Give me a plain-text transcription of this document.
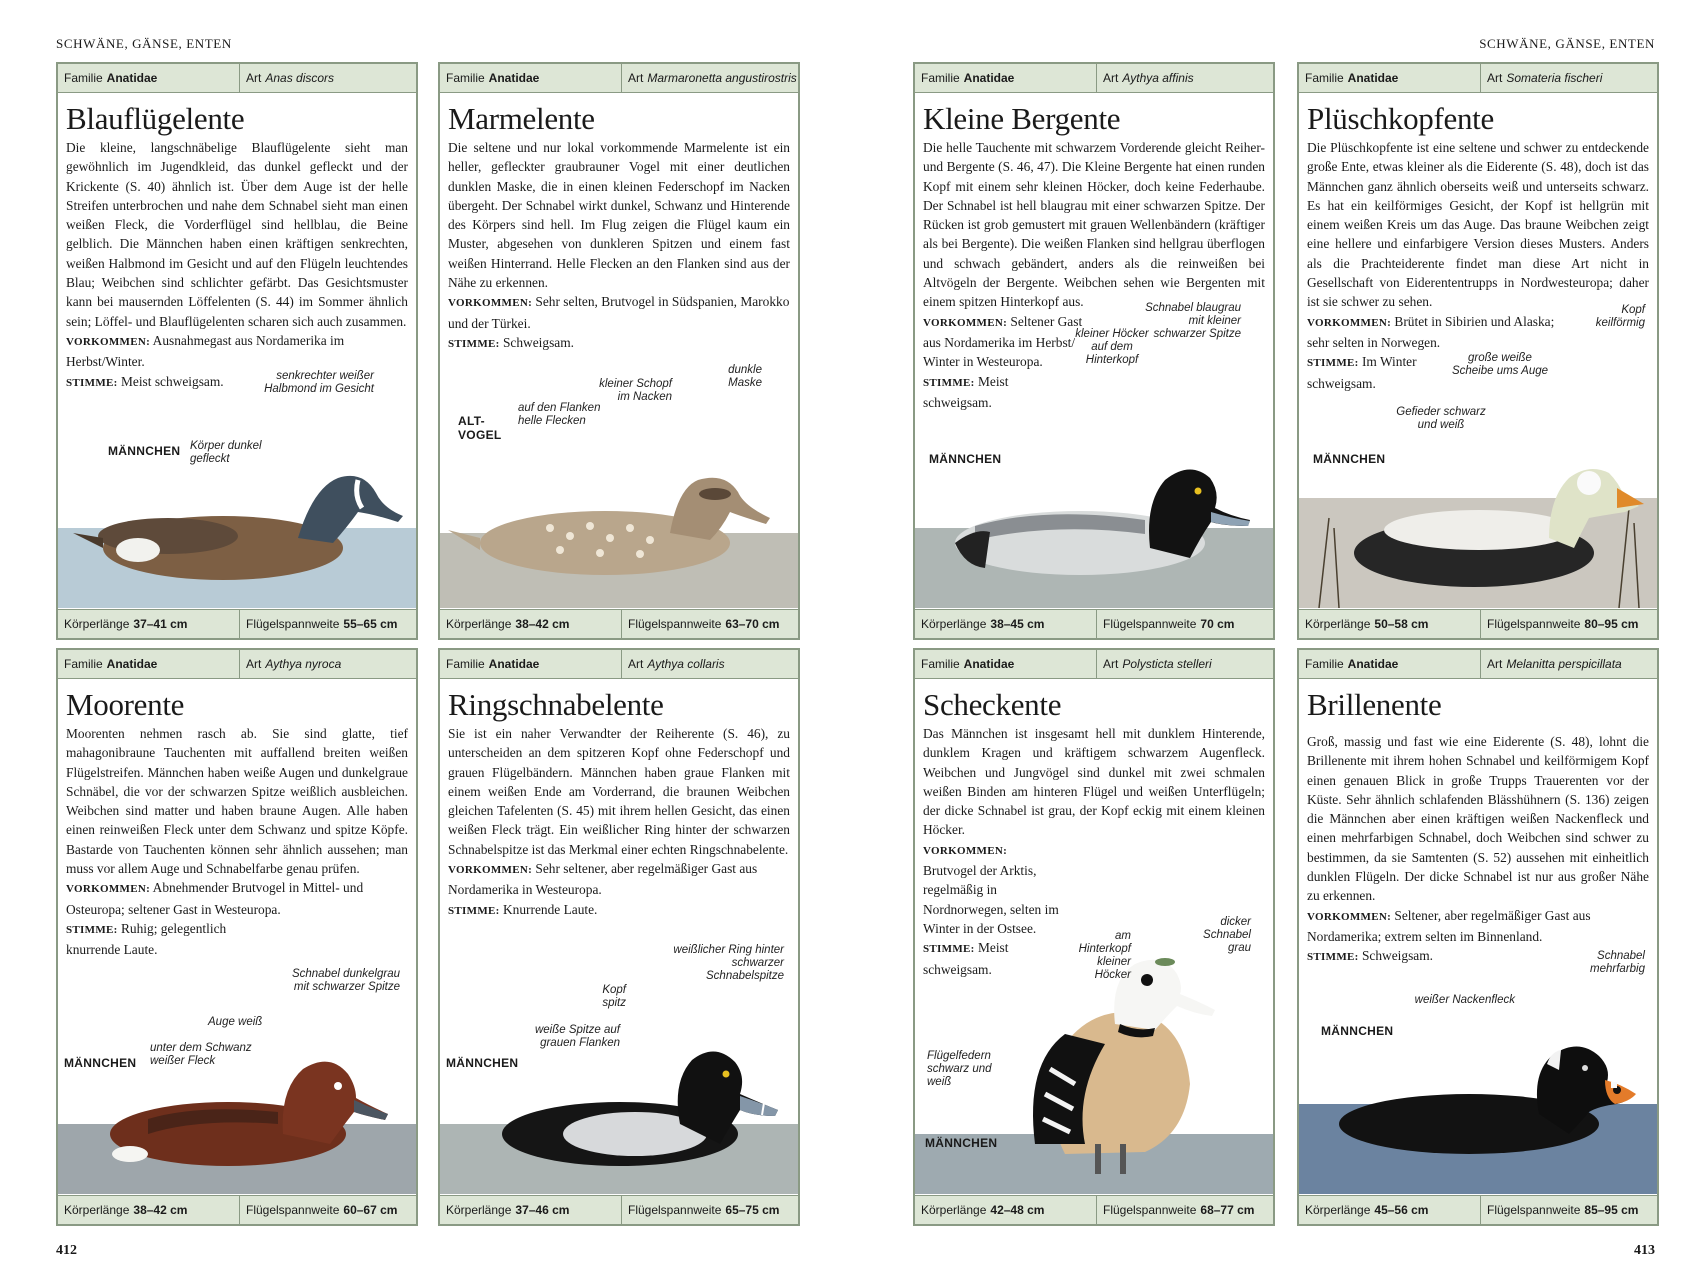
SCHWÄNE, GÄNSE, ENTEN	SCHWÄNE, GÄNSE, ENTEN
412	413
Familie Anatidae	Art Anas discors
Blauflügelente

Die kleine, langschnäbelige Blauflügelente sieht man gewöhnlich im Jugendkleid, das dunkel gefleckt und der Krickente (S. 40) ähnlich ist. Über dem Auge ist der helle Streifen unterbrochen und nahe dem Schnabel sieht man einen weißen Fleck, die Vorderflügel sind hellblau, die Beine gelblich. Die Männchen haben einen kräftigen senkrechten, weißen Halbmond im Gesicht und auf den Flügeln leuchtendes Blau; Weibchen sind schlichter gefärbt. Das Gesichtsmuster kann bei mausernden Löffelenten (S. 44) im Sommer ähnlich sein; Löffel- und Blauflügelenten scharen sich auch zusammen.

VORKOMMEN: Ausnahmegast aus Nordamerika im Herbst/Winter.

STIMME: Meist schweigsam.

MÄNNCHEN
senkrechter weißer Halbmond im Gesicht
Körper dunkel gefleckt
Körperlänge 37–41 cm	Flügelspannweite 55–65 cm
Familie Anatidae	Art Marmaronetta angustirostris
Marmelente

Die seltene und nur lokal vorkommende Marmelente ist ein heller, gefleckter graubrauner Vogel mit einer deutlichen dunklen Maske, die in einen kleinen Federschopf im Nacken übergeht. Der Schnabel wirkt dunkel, Schwanz und Hinterende des Körpers sind hell. Im Flug zeigen die Flügel kaum ein Muster, abgesehen von dunkleren Spitzen und einem fast weißen Hinterrand. Helle Flecken an den Flanken sind aus der Nähe zu erkennen.

VORKOMMEN: Sehr selten, Brutvogel in Südspanien, Marokko und der Türkei.

STIMME: Schweigsam.

ALT-VOGEL
kleiner Schopf im Nacken
dunkle Maske
auf den Flanken helle Flecken
Körperlänge 38–42 cm	Flügelspannweite 63–70 cm
Familie Anatidae	Art Aythya affinis
Kleine Bergente

Die helle Tauchente mit schwarzem Vorderende gleicht Reiher- und Bergente (S. 46, 47). Die Kleine Bergente hat einen runden Kopf mit einem sehr kleinen Höcker, doch keine Federhaube. Der Schnabel ist hell blaugrau mit einer schwarzen Spitze. Der Rücken ist grob gemustert mit grauen Wellenbändern (kräftiger als bei Bergente). Die weißen Flanken sind hellgrau überflogen und schwach gebändert, anders als die reinweißen bei Altvögeln der Bergente. Weibchen sehen wie Bergenten mit einem spitzen Hinterkopf aus.

VORKOMMEN: Seltener Gast aus Nordamerika im Herbst/ Winter in Westeuropa.

STIMME: Meist schweigsam.

MÄNNCHEN
Schnabel blaugrau mit kleiner schwarzer Spitze
kleiner Höcker auf dem Hinterkopf
Körperlänge 38–45 cm	Flügelspannweite 70 cm
Familie Anatidae	Art Somateria fischeri
Plüschkopfente

Die Plüschkopfente ist eine seltene und schwer zu entdeckende große Ente, etwas kleiner als die Eiderente (S. 48), doch ist das Männchen ganz ähnlich oberseits weiß und unterseits schwarz. Es hat ein keilförmiges Gesicht, der Kopf ist hellgrün mit einem weißen Kreis um das Auge. Das braune Weibchen zeigt eine hellere und einfarbigere Version dieses Musters. Anders als die Prachteiderente findet man diese Art nicht in Gesellschaft von Eiderententrupps in Nordwesteuropa; daher ist sie schwer zu sehen.

VORKOMMEN: Brütet in Sibirien und Alaska; sehr selten in Norwegen.

STIMME: Im Winter schweigsam.

MÄNNCHEN
Kopf keilförmig
große weiße Scheibe ums Auge
Gefieder schwarz und weiß
Körperlänge 50–58 cm	Flügelspannweite 80–95 cm
Familie Anatidae	Art Aythya nyroca
Moorente

Moorenten nehmen rasch ab. Sie sind glatte, tief mahagonibraune Tauchenten mit auffallend breiten weißen Flügelstreifen. Männchen haben weiße Augen und dunkelgraue Schnäbel, die vor der schwarzen Spitze weißlich ausbleichen. Weibchen sind matter und haben braune Augen. Alle haben einen reinweißen Fleck unter dem Schwanz und spitze Köpfe. Bastarde von Tauchenten können sehr ähnlich aussehen; man muss vor allem Auge und Schnabelfarbe genau prüfen.

VORKOMMEN: Abnehmender Brutvogel in Mittel- und Osteuropa; seltener Gast in Westeuropa.

STIMME: Ruhig; gelegentlich knurrende Laute.

MÄNNCHEN
Schnabel dunkelgrau mit schwarzer Spitze
Auge weiß
unter dem Schwanz weißer Fleck
Körperlänge 38–42 cm	Flügelspannweite 60–67 cm
Familie Anatidae	Art Aythya collaris
Ringschnabelente

Sie ist ein naher Verwandter der Reiherente (S. 46), zu unterscheiden an dem spitzeren Kopf ohne Federschopf und grauen Flügelbändern. Männchen haben graue Flanken mit einem weißen Ende am Vorderrand, die braunen Weibchen gleichen Tafelenten (S. 45) mit ihrem hellen Gesicht, das einen weißen Fleck trägt. Ein weißlicher Ring hinter der schwarzen Schnabelspitze ist das Merkmal einer echten Ringschnabelente.

VORKOMMEN: Sehr seltener, aber regelmäßiger Gast aus Nordamerika in Westeuropa.

STIMME: Knurrende Laute.

MÄNNCHEN
weißlicher Ring hinter schwarzer Schnabelspitze
Kopf spitz
weiße Spitze auf grauen Flanken
Körperlänge 37–46 cm	Flügelspannweite 65–75 cm
Familie Anatidae	Art Polysticta stelleri
Scheckente

Das Männchen ist insgesamt hell mit dunklem Hinterende, dunklem Kragen und kräftigem schwarzem Augenfleck. Weibchen und Jungvögel sind dunkel mit zwei schmalen weißen Binden am hinteren Flügel und weißen Unterflügeln; der dicke Schnabel ist grau, der Kopf eckig mit einem kleinen Höcker.

VORKOMMEN: Brutvogel der Arktis, regelmäßig in Nordnorwegen, selten im Winter in der Ostsee.

STIMME: Meist schweigsam.

MÄNNCHEN
dicker Schnabel grau
am Hinterkopf kleiner Höcker
Flügelfedern schwarz und weiß
Körperlänge 42–48 cm	Flügelspannweite 68–77 cm
Familie Anatidae	Art Melanitta perspicillata
Brillenente

Groß, massig und fast wie eine Eiderente (S. 48), lohnt die Brillenente mit ihrem hohen Schnabel und keilförmigem Kopf einen genauen Blick in große Trupps Trauerenten vor der Küste. Sehr ähnlich schlafenden Blässhühnern (S. 136) zeigen die Männchen aber einen kräftigen weißen Nackenfleck und einen mehrfarbigen Schnabel, doch Weibchen sind schwer zu bestimmen, da sie Samtenten (S. 52) aussehen mit einheitlich dunklen Flügeln. Der dicke Schnabel ist nur aus großer Nähe zu erkennen.

VORKOMMEN: Seltener, aber regelmäßiger Gast aus Nordamerika; extrem selten im Binnenland.

STIMME: Schweigsam.

MÄNNCHEN
Schnabel mehrfarbig
weißer Nackenfleck
Körperlänge 45–56 cm	Flügelspannweite 85–95 cm
